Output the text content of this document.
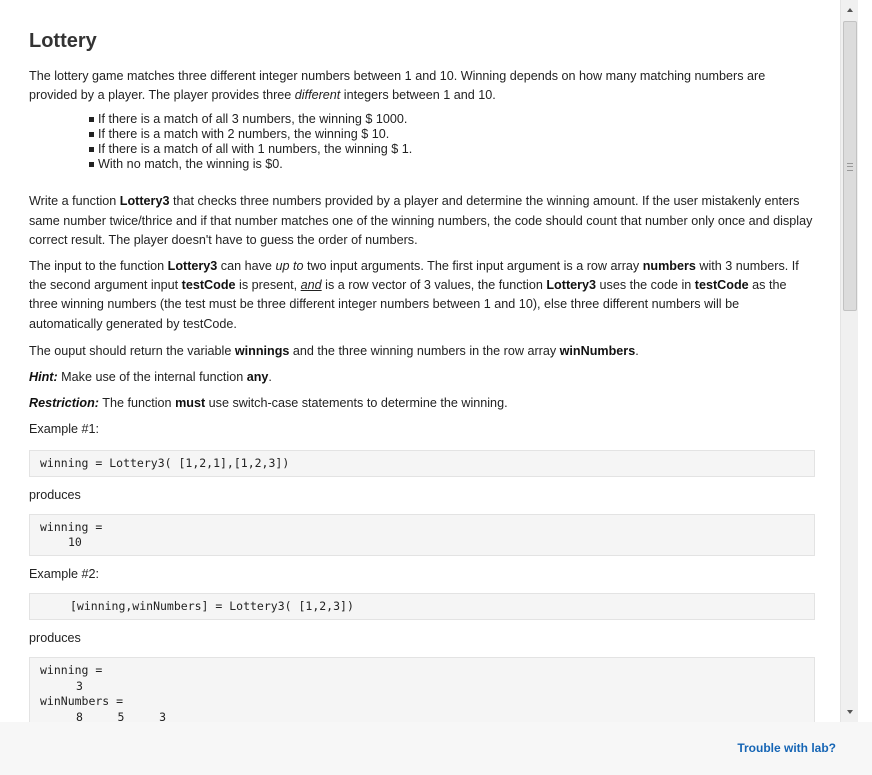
Lottery

The lottery game matches three different integer numbers between 1 and 10. Winning depends on how many matching numbers are provided by a player. The player provides three different integers between 1 and 10.

If there is a match of all 3 numbers, the winning $ 1000.
If there is a match with 2 numbers, the winning $ 10.
If there is a match of all with 1 numbers, the winning $ 1.
With no match, the winning is $0.

Write a function Lottery3 that checks three numbers provided by a player and determine the winning amount. If the user mistakenly enters same number twice/thrice and if that number matches one of the winning numbers, the code should count that number only once and display correct result. The player doesn't have to guess the order of numbers.

The input to the function Lottery3 can have up to two input arguments. The first input argument is a row array numbers with 3 numbers. If the second argument input testCode is present, and is a row vector of 3 values, the function Lottery3 uses the code in testCode as the three winning numbers (the test must be three different integer numbers between 1 and 10), else three different numbers will be automatically generated by testCode.

The ouput should return the variable winnings and the three winning numbers in the row array winNumbers.

Hint: Make use of the internal function any.

Restriction: The function must use switch-case statements to determine the winning.

Example #1:

winning = Lottery3( [1,2,1],[1,2,3])

produces

winning =
10

Example #2:

[winning,winNumbers] = Lottery3( [1,2,3])

produces

winning =
3
winNumbers =
8     5     3
Trouble with lab?
